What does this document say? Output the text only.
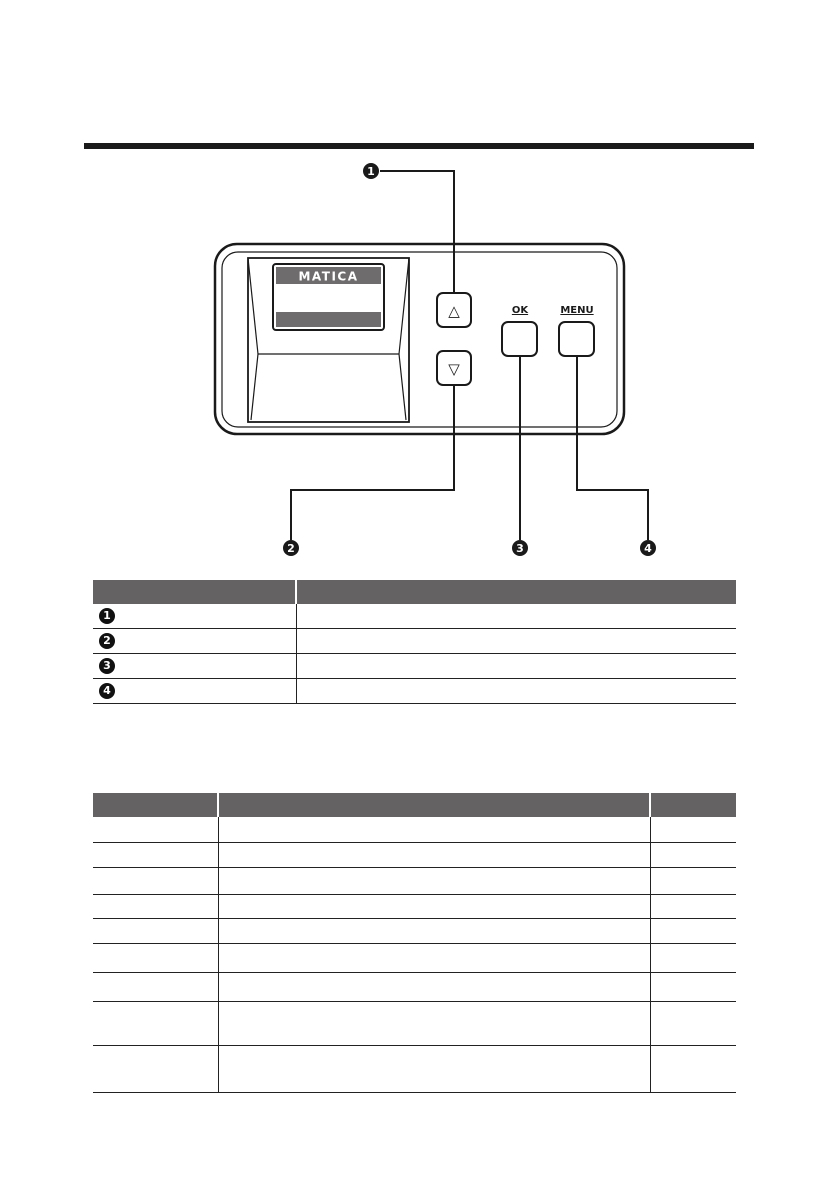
MATICA
△
▽
OK	MENU
1
2	3	4

1	
2	
3	
4	
